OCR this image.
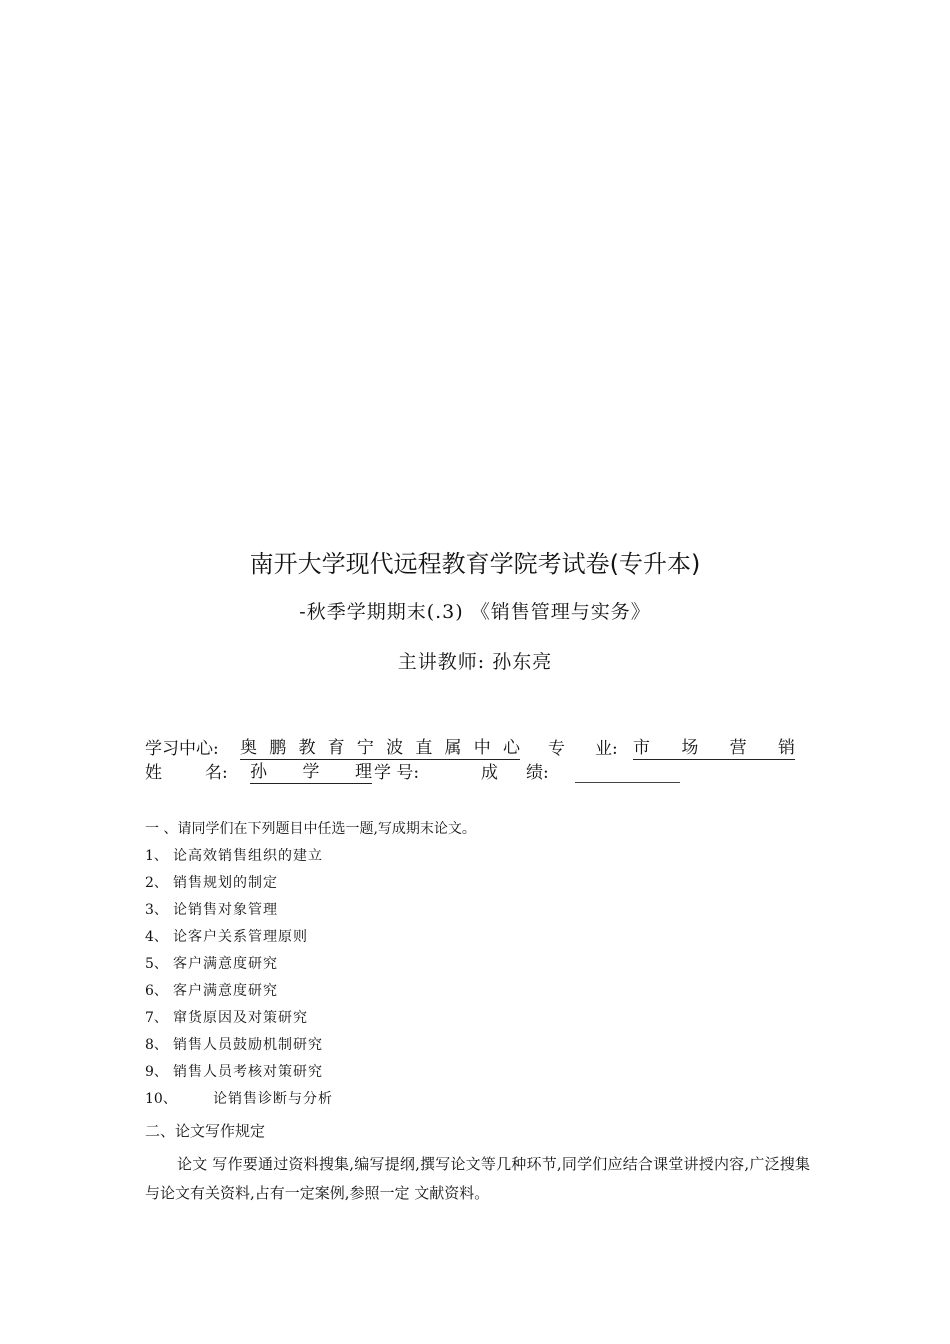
南开大学现代远程教育学院考试卷(专升本)
-秋季学期期末(.3) 《销售管理与实务》
主讲教师: 孙东亮
学习中心: 奥 鹏 教 育 宁 波 直 属 中 心 专 业: 市 场 营 销
姓	名: 孙 学 理 学 号:	成 绩:
一 、请同学们在下列题目中任选一题,写成期末论文。
1、 论高效销售组织的建立
2、 销售规划的制定
3、 论销售对象管理
4、 论客户关系管理原则
5、 客户满意度研究
6、 客户满意度研究
7、 窜货原因及对策研究
8、 销售人员鼓励机制研究
9、 销售人员考核对策研究
10、	论销售诊断与分析
二、论文写作规定
论文 写作要通过资料搜集,编写提纲,撰写论文等几种环节,同学们应结合课堂讲授内容,广泛搜集与论文有关资料,占有一定案例,参照一定 文献资料。
